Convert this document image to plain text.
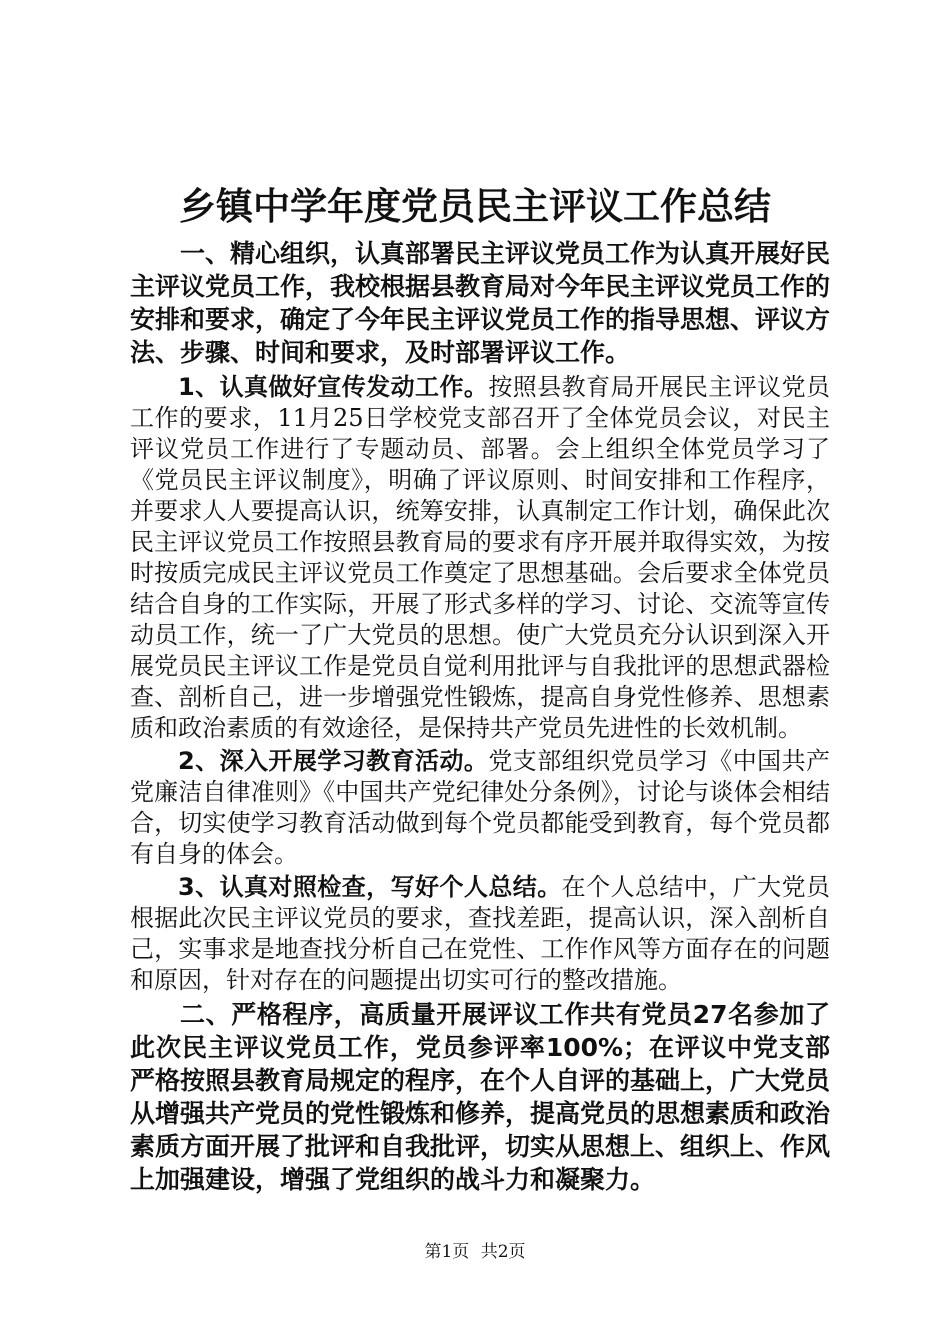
乡镇中学年度党员民主评议工作总结

一、精心组织，认真部署民主评议党员工作为认真开展好民主评议党员工作，我校根据县教育局对今年民主评议党员工作的安排和要求，确定了今年民主评议党员工作的指导思想、评议方法、步骤、时间和要求，及时部署评议工作。

1、认真做好宣传发动工作。按照县教育局开展民主评议党员工作的要求，11月25日学校党支部召开了全体党员会议，对民主评议党员工作进行了专题动员、部署。会上组织全体党员学习了《党员民主评议制度》，明确了评议原则、时间安排和工作程序，并要求人人要提高认识，统筹安排，认真制定工作计划，确保此次民主评议党员工作按照县教育局的要求有序开展并取得实效，为按时按质完成民主评议党员工作奠定了思想基础。会后要求全体党员结合自身的工作实际，开展了形式多样的学习、讨论、交流等宣传动员工作，统一了广大党员的思想。使广大党员充分认识到深入开展党员民主评议工作是党员自觉利用批评与自我批评的思想武器检查、剖析自己，进一步增强党性锻炼，提高自身党性修养、思想素质和政治素质的有效途径，是保持共产党员先进性的长效机制。

2、深入开展学习教育活动。党支部组织党员学习《中国共产党廉洁自律准则》《中国共产党纪律处分条例》，讨论与谈体会相结合，切实使学习教育活动做到每个党员都能受到教育，每个党员都有自身的体会。

3、认真对照检查，写好个人总结。在个人总结中，广大党员根据此次民主评议党员的要求，查找差距，提高认识，深入剖析自己，实事求是地查找分析自己在党性、工作作风等方面存在的问题和原因，针对存在的问题提出切实可行的整改措施。

二、严格程序，高质量开展评议工作共有党员27名参加了此次民主评议党员工作，党员参评率100%；在评议中党支部严格按照县教育局规定的程序，在个人自评的基础上，广大党员从增强共产党员的党性锻炼和修养，提高党员的思想素质和政治素质方面开展了批评和自我批评，切实从思想上、组织上、作风上加强建设，增强了党组织的战斗力和凝聚力。

第1页 共2页
